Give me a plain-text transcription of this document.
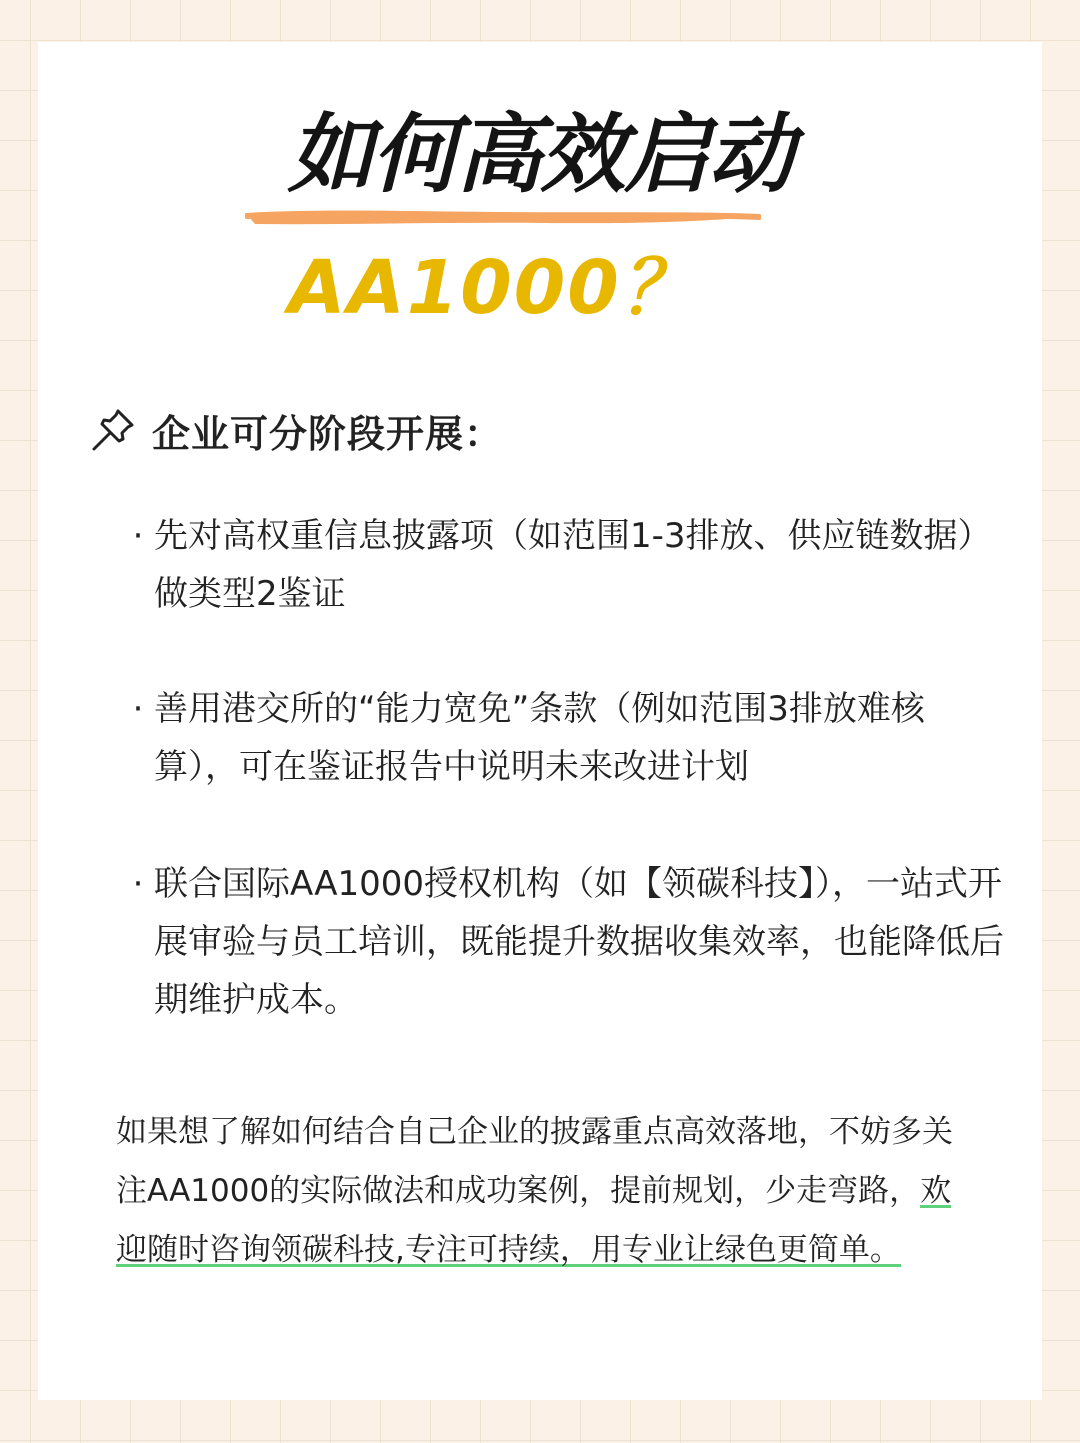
如何高效启动
AA1000？
企业可分阶段开展：
· 先对高权重信息披露项（如范围1-3排放、供应链数据）做类型2鉴证
· 善用港交所的“能力宽免”条款（例如范围3排放难核算），可在鉴证报告中说明未来改进计划
· 联合国际AA1000授权机构（如【领碳科技】），一站式开展审验与员工培训，既能提升数据收集效率，也能降低后期维护成本。
如果想了解如何结合自己企业的披露重点高效落地，不妨多关注AA1000的实际做法和成功案例，提前规划，少走弯路，欢迎随时咨询领碳科技,专注可持续，用专业让绿色更简单。
